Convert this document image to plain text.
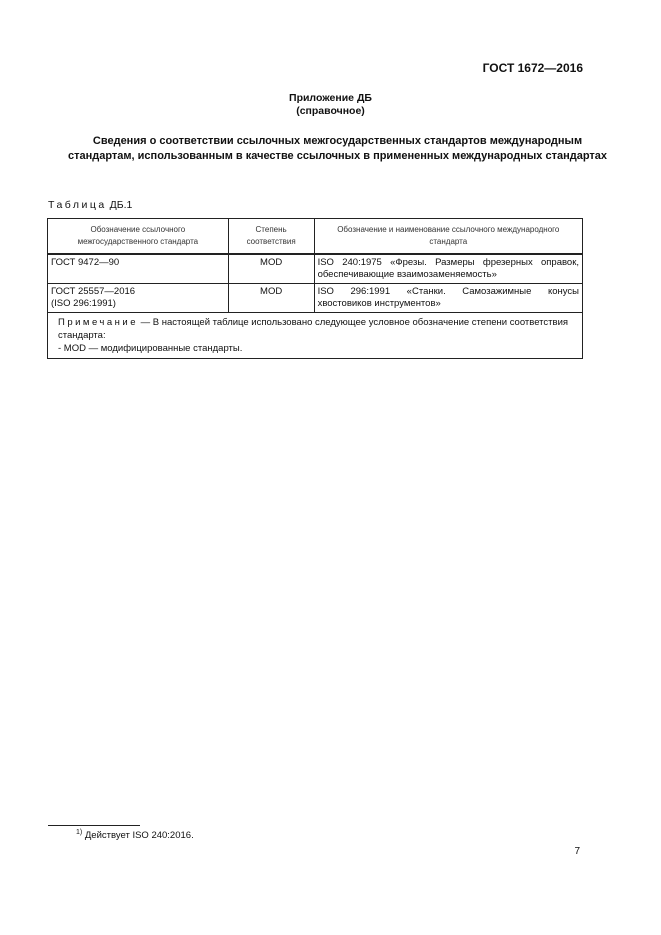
ГОСТ 1672—2016
Приложение ДБ
(справочное)
Сведения о соответствии ссылочных межгосударственных стандартов международным стандартам, использованным в качестве ссылочных в примененных международных стандартах
Таблица ДБ.1
Обозначение ссылочного межгосударственного стандарта	Степень соответствия	Обозначение и наименование ссылочного международного стандарта

ГОСТ 9472—90	MOD	ISO 240:1975 «Фрезы. Размеры фрезерных оправок, обеспечивающие взаимозаменяемость»

ГОСТ 25557—2016
(ISO 296:1991)	MOD	ISO 296:1991 «Станки. Самозажимные конусы хвостовиков инструментов»

Примечание — В настоящей таблице использовано следующее условное обозначение степени соответствия стандарта:
- MOD — модифицированные стандарты.		
$^{1)}$ Действует ISO 240:2016.
7
